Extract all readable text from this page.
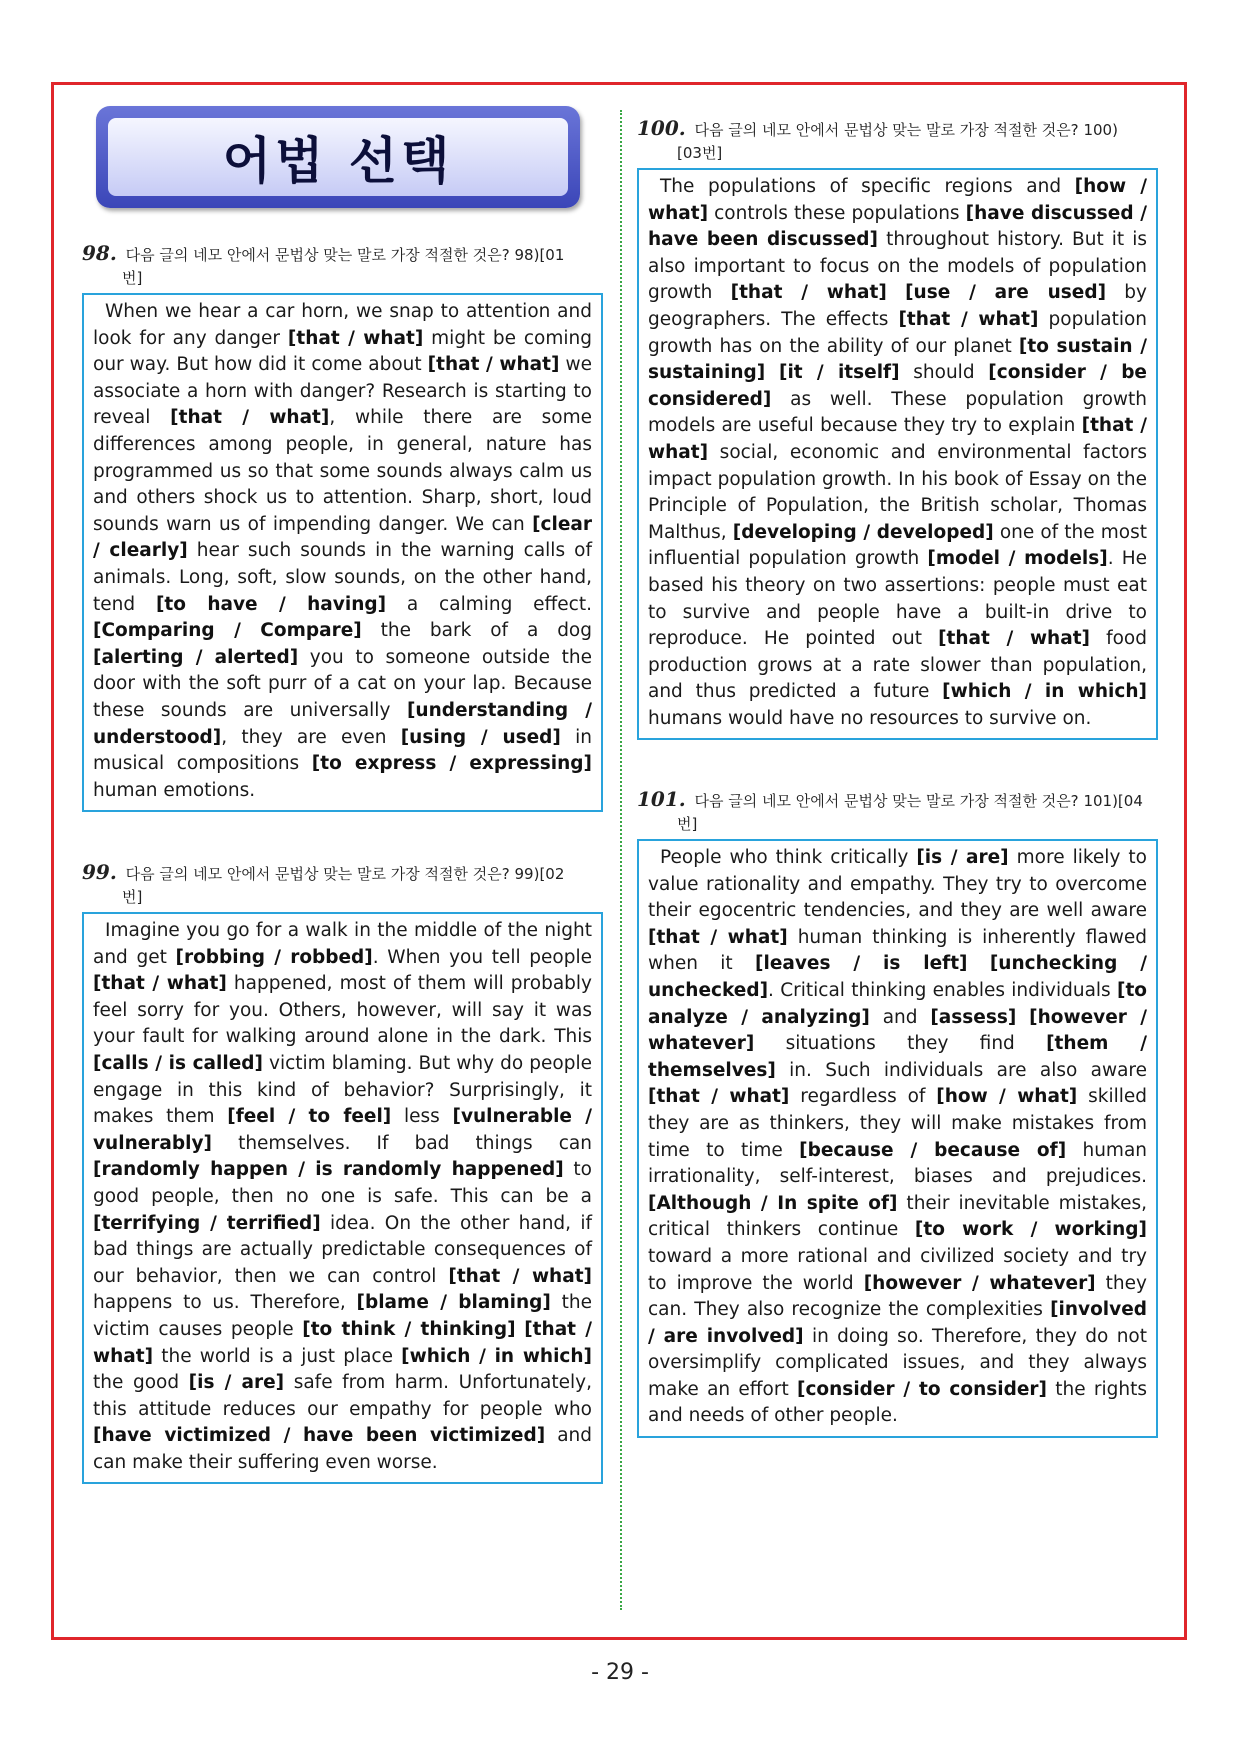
어법 선택
98. 다음 글의 네모 안에서 문법상 맞는 말로 가장 적절한 것은? 98)[01
번]

When we hear a car horn, we snap to attention and look for any danger [that / what] might be coming our way. But how did it come about [that / what] we associate a horn with danger? Research is starting to reveal [that / what], while there are some differences among people, in general, nature has programmed us so that some sounds always calm us and others shock us to attention. Sharp, short, loud sounds warn us of impending danger. We can [clear / clearly] hear such sounds in the warning calls of animals. Long, soft, slow sounds, on the other hand, tend [to have / having] a calming effect. [Comparing / Compare] the bark of a dog [alerting / alerted] you to someone outside the door with the soft purr of a cat on your lap. Because these sounds are universally [understanding / understood], they are even [using / used] in musical compositions [to express / expressing] human emotions.

99. 다음 글의 네모 안에서 문법상 맞는 말로 가장 적절한 것은? 99)[02
번]

Imagine you go for a walk in the middle of the night and get [robbing / robbed]. When you tell people [that / what] happened, most of them will probably feel sorry for you. Others, however, will say it was your fault for walking around alone in the dark. This [calls / is called] victim blaming. But why do people engage in this kind of behavior? Surprisingly, it makes them [feel / to feel] less [vulnerable / vulnerably] themselves. If bad things can [randomly happen / is randomly happened] to good people, then no one is safe. This can be a [terrifying / terrified] idea. On the other hand, if bad things are actually predictable consequences of our behavior, then we can control [that / what] happens to us. Therefore, [blame / blaming] the victim causes people [to think / thinking] [that / what] the world is a just place [which / in which] the good [is / are] safe from harm. Unfortunately, this attitude reduces our empathy for people who [have victimized / have been victimized] and can make their suffering even worse.

100. 다음 글의 네모 안에서 문법상 맞는 말로 가장 적절한 것은? 100)
[03번]

The populations of specific regions and [how / what] controls these populations [have discussed / have been discussed] throughout history. But it is also important to focus on the models of population growth [that / what] [use / are used] by geographers. The effects [that / what] population growth has on the ability of our planet [to sustain / sustaining] [it / itself] should [consider / be considered] as well. These population growth models are useful because they try to explain [that / what] social, economic and environmental factors impact population growth. In his book of Essay on the Principle of Population, the British scholar, Thomas Malthus, [developing / developed] one of the most influential population growth [model / models]. He based his theory on two assertions: people must eat to survive and people have a built-in drive to reproduce. He pointed out [that / what] food production grows at a rate slower than population, and thus predicted a future [which / in which] humans would have no resources to survive on.

101. 다음 글의 네모 안에서 문법상 맞는 말로 가장 적절한 것은? 101)[04
번]

People who think critically [is / are] more likely to value rationality and empathy. They try to overcome their egocentric tendencies, and they are well aware [that / what] human thinking is inherently flawed when it [leaves / is left] [unchecking / unchecked]. Critical thinking enables individuals [to analyze / analyzing] and [assess] [however / whatever] situations they find [them / themselves] in. Such individuals are also aware [that / what] regardless of [how / what] skilled they are as thinkers, they will make mistakes from time to time [because / because of] human irrationality, self-interest, biases and prejudices. [Although / In spite of] their inevitable mistakes, critical thinkers continue [to work / working] toward a more rational and civilized society and try to improve the world [however / whatever] they can. They also recognize the complexities [involved / are involved] in doing so. Therefore, they do not oversimplify complicated issues, and they always make an effort [consider / to consider] the rights and needs of other people.

- 29 -
